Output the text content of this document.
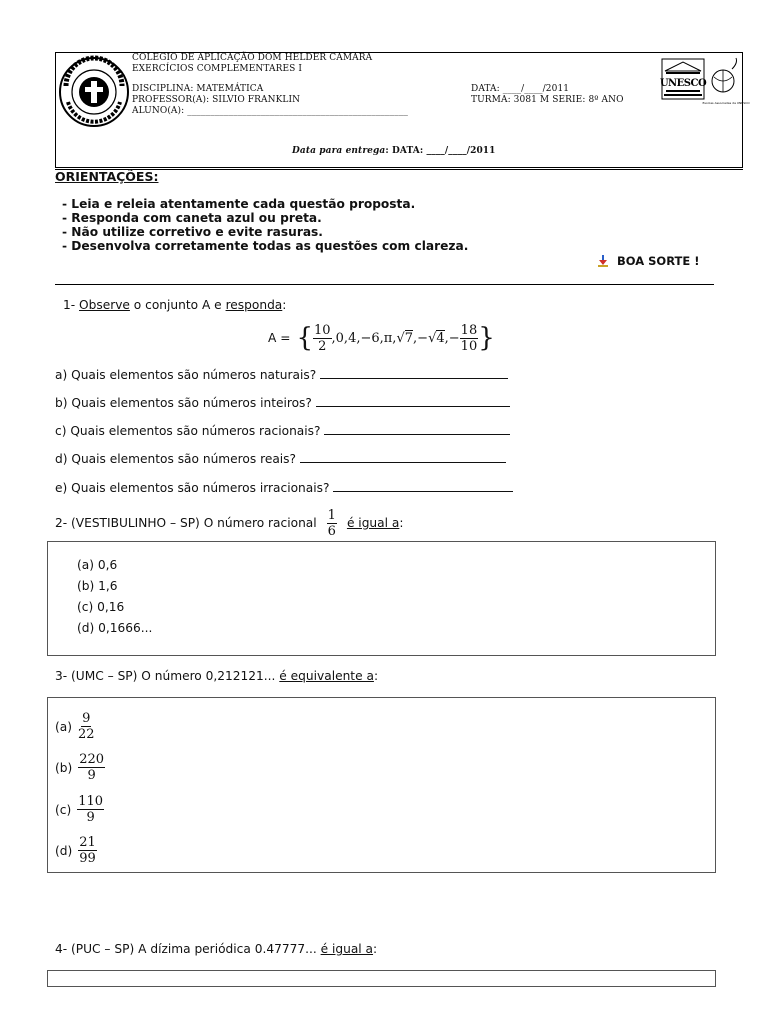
COLEGIO DE APLICAÇÃO DOM HELDER CAMARA
EXERCÍCIOS COMPLEMENTARES I
DISCIPLINA: MATEMÁTICA
PROFESSOR(A): SILVIO FRANKLIN
ALUNO(A): ________________________________________________
DATA: ____/____/2011
TURMA: 3081 M SERIE: 8º ANO
Data para entrega: DATA: ____/____/2011
UNESCO
Escolas Associadas da UNESCO
ORIENTAÇÕES:
- Leia e releia atentamente cada questão proposta.
- Responda com caneta azul ou preta.
- Não utilize corretivo e evite rasuras.
- Desenvolva corretamente todas as questões com clareza.
BOA SORTE !
1- Observe o conjunto A e responda:
A = { $\frac{10}{2} ,0,4,-6,\pi$, √ 7 ,− √ 4 ,− $\frac{18}{10}$ }
a) Quais elementos são números naturais?
b) Quais elementos são números inteiros?
c) Quais elementos são números racionais?
d) Quais elementos são números reais?
e) Quais elementos são números irracionais?
2- (VESTIBULINHO – SP) O número racional $\frac{1}{6}$ é igual a :
(a) 0,6
(b) 1,6
(c) 0,16
(d) 0,1666...
3- (UMC – SP) O número 0,212121... é equivalente a:
$(a) \frac{9}{22}$
$(b) \frac{220}{9}$
$(c) \frac{110}{9}$
$(d) \frac{21}{99}$
4- (PUC – SP) A dízima periódica 0.47777... é igual a:
